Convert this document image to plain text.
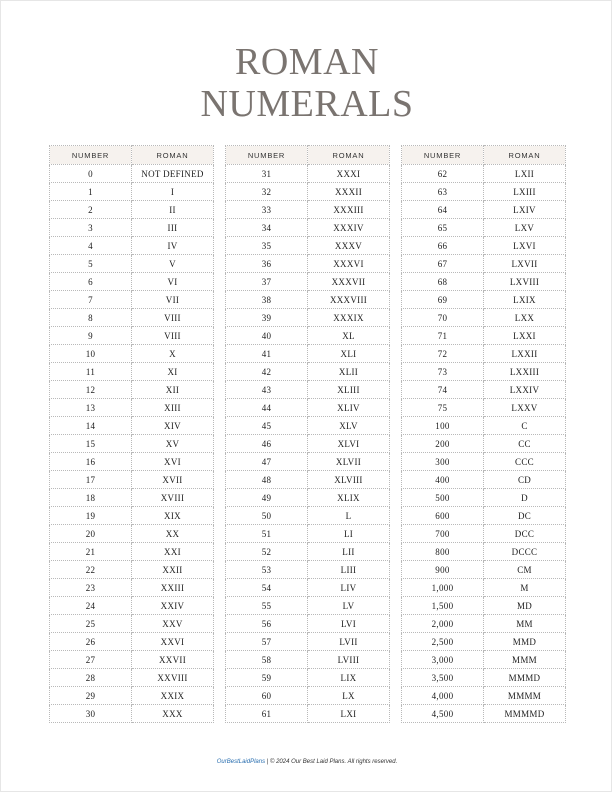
ROMAN
NUMERALS
NUMBER	ROMAN
0	NOT DEFINED
1	I
2	II
3	III
4	IV
5	V
6	VI
7	VII
8	VIII
9	VIII
10	X
11	XI
12	XII
13	XIII
14	XIV
15	XV
16	XVI
17	XVII
18	XVIII
19	XIX
20	XX
21	XXI
22	XXII
23	XXIII
24	XXIV
25	XXV
26	XXVI
27	XXVII
28	XXVIII
29	XXIX
30	XXX
NUMBER	ROMAN
31	XXXI
32	XXXII
33	XXXIII
34	XXXIV
35	XXXV
36	XXXVI
37	XXXVII
38	XXXVIII
39	XXXIX
40	XL
41	XLI
42	XLII
43	XLIII
44	XLIV
45	XLV
46	XLVI
47	XLVII
48	XLVIII
49	XLIX
50	L
51	LI
52	LII
53	LIII
54	LIV
55	LV
56	LVI
57	LVII
58	LVIII
59	LIX
60	LX
61	LXI
NUMBER	ROMAN
62	LXII
63	LXIII
64	LXIV
65	LXV
66	LXVI
67	LXVII
68	LXVIII
69	LXIX
70	LXX
71	LXXI
72	LXXII
73	LXXIII
74	LXXIV
75	LXXV
100	C
200	CC
300	CCC
400	CD
500	D
600	DC
700	DCC
800	DCCC
900	CM
1,000	M
1,500	MD
2,000	MM
2,500	MMD
3,000	MMM
3,500	MMMD
4,000	MMMM
4,500	MMMMD
OurBestLaidPlans | © 2024 Our Best Laid Plans. All rights reserved.
